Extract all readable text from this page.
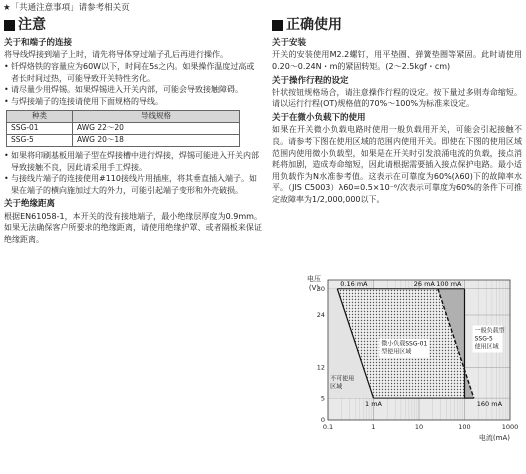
★「共通注意事項」请参考相关页
注意
关于和端子的连接

将导线焊接到端子上时，请先将导体穿过端子孔后再进行操作。

• 钎焊烙铁的容量应为60W以下，时间在5s之内。如果操作温度过高或者长时间过热，可能导致开关特性劣化。
• 请尽量少用焊锡。如果焊锡进入开关内部，可能会导致接触障碍。
• 与焊接端子的连接请使用下面规格的导线。
种类	导线规格
SSG-01	AWG 22～20
SSG-5	AWG 20～18
• 如果将印刷基板用端子型在焊接槽中进行焊接，焊锡可能进入开关内部导致接触不良，因此请采用手工焊接。
• 与接线片端子的连接使用#110接线片用插座，将其垂直插入端子。如果在端子的横向施加过大的外力，可能引起端子变形和外壳破损。
关于绝缘距离

根据EN61058-1，本开关的没有接地端子，最小绝缘层厚度为0.9mm。如果无法确保客户所要求的绝缘距离，请使用绝缘护罩、或者隔板来保证绝缘距离。

正确使用
关于安装

开关的安装使用M2.2螺钉，用平垫圈、弹簧垫圈等紧固。此时请使用0.20～0.24N・m的紧固转矩。(2～2.5kgf・cm)

关于操作行程的设定

针状按钮规格场合，请注意操作行程的设定。按下量过多则寿命缩短。请以运行行程(OT)规格值的70%～100%为标准来设定。

关于在微小负载下的使用

如果在开关微小负载电路时使用一般负载用开关，可能会引起接触不良。请参考下图在使用区域的范围内使用开关。即使在下图的使用区域范围内使用微小负载型，如果是在开关时引发浪涌电流的负载，接点消耗将加剧，造成寿命缩短，因此请根据需要插入接点保护电路。最小适用负载作为N水准参考值。这表示在可靠度为60%(λ60)下的故障率水平。（JIS C5003）λ60=0.5×10⁻⁶/次表示可靠度为60%的条件下可推定故障率为1/2,000,000以下。

0.1	1	10	100	1000
0
5
12
24
30
电流(mA)
电压
(V)
0.16 mA	26 mA 100 mA
1 mA	160 mA
微小负载SSG-01
型使用区域
一般负载型
SSG-5
使用区域
不可使用
区域
